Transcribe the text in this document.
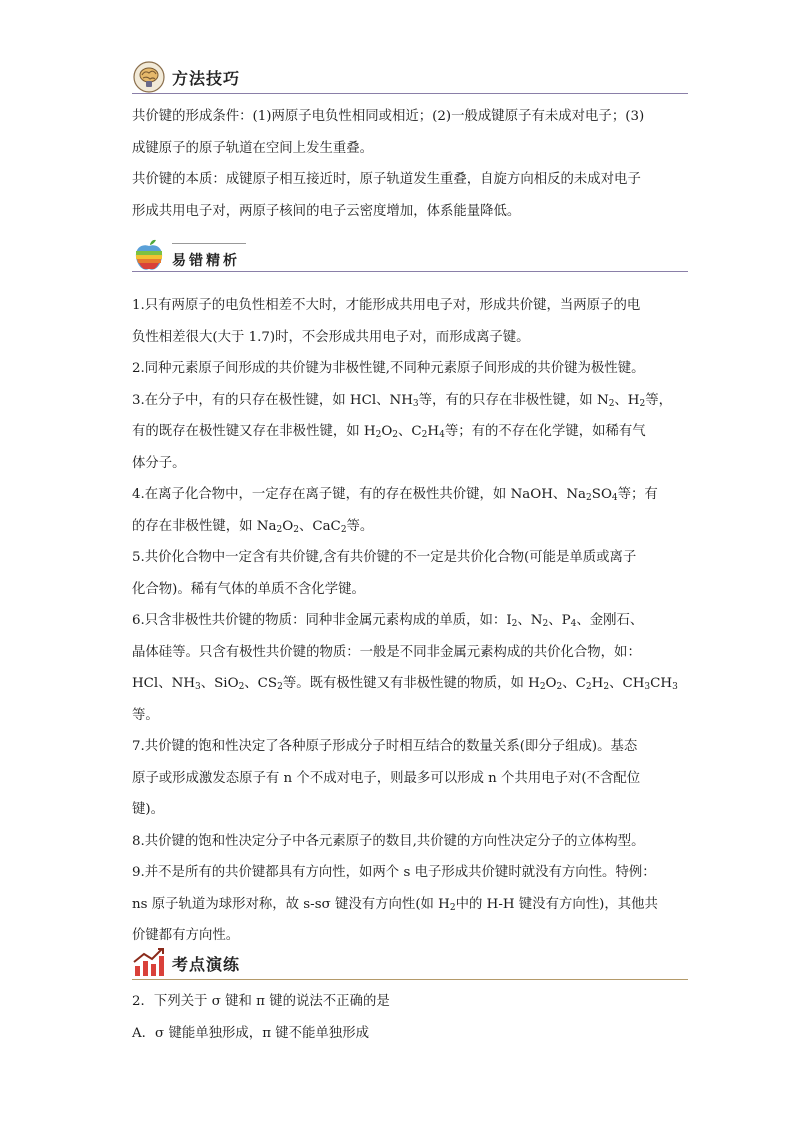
方法技巧

共价键的形成条件：(1)两原子电负性相同或相近；(2)一般成键原子有未成对电子；(3)

成键原子的原子轨道在空间上发生重叠。

共价键的本质：成键原子相互接近时，原子轨道发生重叠，自旋方向相反的未成对电子

形成共用电子对，两原子核间的电子云密度增加，体系能量降低。

易错精析

1.只有两原子的电负性相差不大时，才能形成共用电子对，形成共价键，当两原子的电

负性相差很大(大于 1.7)时，不会形成共用电子对，而形成离子键。

2.同种元素原子间形成的共价键为非极性键,不同种元素原子间形成的共价键为极性键。

3.在分子中，有的只存在极性键，如 HCl、$NH_3$等，有的只存在非极性键，如 $N_2$、$H_2$等，

有的既存在极性键又存在非极性键，如 $H_2O_2$、$C_2H_4$等；有的不存在化学键，如稀有气

体分子。

4.在离子化合物中，一定存在离子键，有的存在极性共价键，如 NaOH、$Na_2SO_4$等；有

的存在非极性键，如 $Na_2O_2$、CaC$_2$等。

5.共价化合物中一定含有共价键,含有共价键的不一定是共价化合物(可能是单质或离子

化合物)。稀有气体的单质不含化学键。

6.只含非极性共价键的物质：同种非金属元素构成的单质，如：$I_2$、$N_2$、$P_4$、金刚石、

晶体硅等。只含有极性共价键的物质：一般是不同非金属元素构成的共价化合物，如：

HCl、$NH_3$、SiO$_2$、$CS_2$等。既有极性键又有非极性键的物质，如 $H_2O_2$、$C_2H_2$、$CH_3CH_3$

等。

7.共价键的饱和性决定了各种原子形成分子时相互结合的数量关系(即分子组成)。基态

原子或形成激发态原子有 n 个不成对电子，则最多可以形成 n 个共用电子对(不含配位

键)。

8.共价键的饱和性决定分子中各元素原子的数目,共价键的方向性决定分子的立体构型。

9.并不是所有的共价键都具有方向性，如两个 s 电子形成共价键时就没有方向性。特例：

ns 原子轨道为球形对称，故 s-sσ 键没有方向性(如 $H_2$中的 H-H 键没有方向性)，其他共

价键都有方向性。

考点演练

2．下列关于 σ 键和 π 键的说法不正确的是

A．σ 键能单独形成，π 键不能单独形成
